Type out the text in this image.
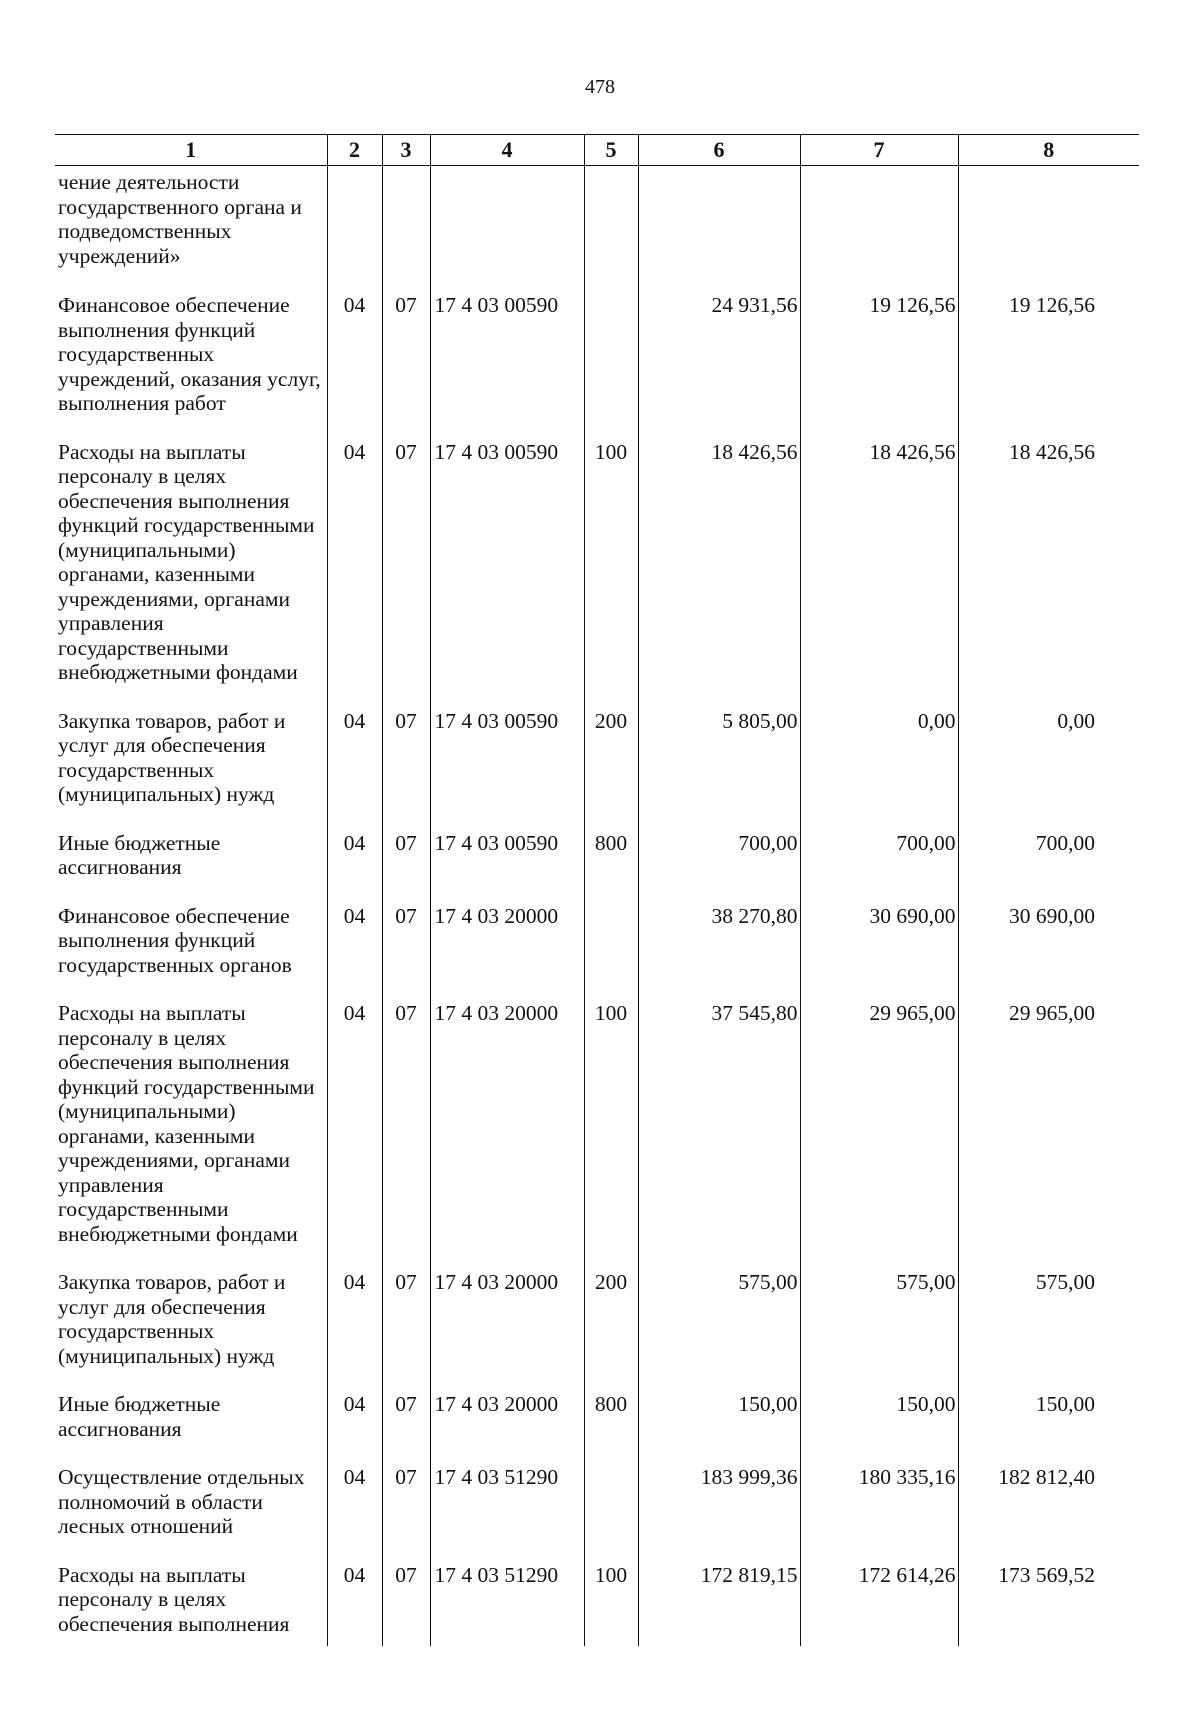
478
1	2	3	4	5	6	7	8
чение деятельности государственного органа и подведомственных учреждений»							
Финансовое обеспечение выполнения функций государственных учреждений, оказания услуг, выполнения работ	04	07	17 4 03 00590		24 931,56	19 126,56	19 126,56
Расходы на выплаты персоналу в целях обеспечения выполнения функций государственными (муниципальными) органами, казенными учреждениями, органами управления государственными внебюджетными фондами	04	07	17 4 03 00590	100	18 426,56	18 426,56	18 426,56
Закупка товаров, работ и услуг для обеспечения государственных (муниципальных) нужд	04	07	17 4 03 00590	200	5 805,00	0,00	0,00
Иные бюджетные ассигнования	04	07	17 4 03 00590	800	700,00	700,00	700,00
Финансовое обеспечение выполнения функций государственных органов	04	07	17 4 03 20000		38 270,80	30 690,00	30 690,00
Расходы на выплаты персоналу в целях обеспечения выполнения функций государственными (муниципальными) органами, казенными учреждениями, органами управления государственными внебюджетными фондами	04	07	17 4 03 20000	100	37 545,80	29 965,00	29 965,00
Закупка товаров, работ и услуг для обеспечения государственных (муниципальных) нужд	04	07	17 4 03 20000	200	575,00	575,00	575,00
Иные бюджетные ассигнования	04	07	17 4 03 20000	800	150,00	150,00	150,00
Осуществление отдельных полномочий в области лесных отношений	04	07	17 4 03 51290		183 999,36	180 335,16	182 812,40
Расходы на выплаты персоналу в целях обеспечения выполнения	04	07	17 4 03 51290	100	172 819,15	172 614,26	173 569,52
